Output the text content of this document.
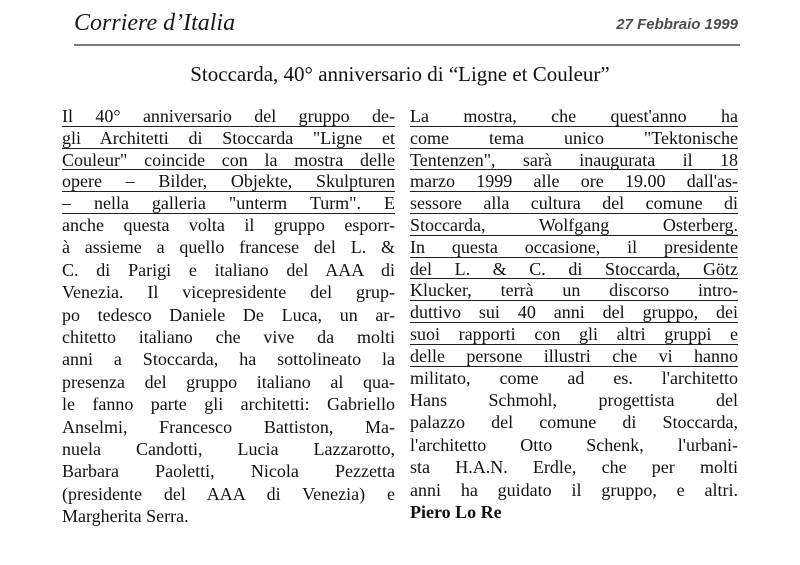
Corriere d’Italia	27 Febbraio 1999
Stoccarda, 40° anniversario di “Ligne et Couleur”
Il 40° anniversario del gruppo de-
gli Architetti di Stoccarda "Ligne et
Couleur" coincide con la mostra delle
opere – Bilder, Objekte, Skulpturen
– nella galleria "unterm Turm". E
anche questa volta il gruppo esporr-
à assieme a quello francese del L. &
C. di Parigi e italiano del AAA di
Venezia. Il vicepresidente del grup-
po tedesco Daniele De Luca, un ar-
chitetto italiano che vive da molti
anni a Stoccarda, ha sottolineato la
presenza del gruppo italiano al qua-
le fanno parte gli architetti: Gabriello
Anselmi, Francesco Battiston, Ma-
nuela Candotti, Lucia Lazzarotto,
Barbara Paoletti, Nicola Pezzetta
(presidente del AAA di Venezia) e
Margherita Serra.
La mostra, che quest'anno ha
come tema unico "Tektonische
Tentenzen", sarà inaugurata il 18
marzo 1999 alle ore 19.00 dall'as-
sessore alla cultura del comune di
Stoccarda, Wolfgang Osterberg.
In questa occasione, il presidente
del L. & C. di Stoccarda, Götz
Klucker, terrà un discorso intro-
duttivo sui 40 anni del gruppo, dei
suoi rapporti con gli altri gruppi e
delle persone illustri che vi hanno
militato, come ad es. l'architetto
Hans Schmohl, progettista del
palazzo del comune di Stoccarda,
l'architetto Otto Schenk, l'urbani-
sta H.A.N. Erdle, che per molti
anni ha guidato il gruppo, e altri.
Piero Lo Re
